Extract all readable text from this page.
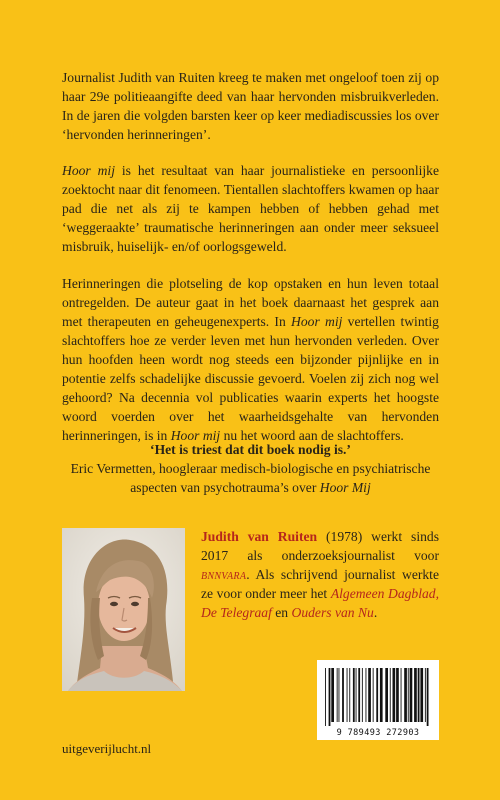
Journalist Judith van Ruiten kreeg te maken met ongeloof toen zij op haar 29e politieaangifte deed van haar hervonden misbruikverleden. In de jaren die volgden barsten keer op keer mediadiscussies los over ‘hervonden herinneringen’.

Hoor mij is het resultaat van haar journalistieke en persoonlijke zoektocht naar dit fenomeen. Tientallen slachtoffers kwamen op haar pad die net als zij te kampen hebben of hebben gehad met ‘weggeraakte’ traumatische herinneringen aan onder meer seksueel misbruik, huiselijk- en/of oorlogsgeweld.

Herinneringen die plotseling de kop opstaken en hun leven totaal ontregelden. De auteur gaat in het boek daarnaast het gesprek aan met therapeuten en geheugenexperts. In Hoor mij vertellen twintig slachtoffers hoe ze verder leven met hun hervonden verleden. Over hun hoofden heen wordt nog steeds een bijzonder pijnlijke en in potentie zelfs schadelijke discussie gevoerd. Voelen zij zich nog wel gehoord? Na decennia vol publicaties waarin experts het hoogste woord voerden over het waarheidsgehalte van hervonden herinneringen, is in Hoor mij nu het woord aan de slachtoffers.

‘Het is triest dat dit boek nodig is.’
Eric Vermetten, hoogleraar medisch-biologische en psychiatrische aspecten van psychotrauma’s over Hoor Mij
Judith van Ruiten (1978) werkt sinds 2017 als onderzoeksjournalist voor bnnvara. Als schrijvend journalist werkte ze voor onder meer het Algemeen Dagblad, De Telegraaf en Ouders van Nu.
9 789493 272903
uitgeverijlucht.nl
